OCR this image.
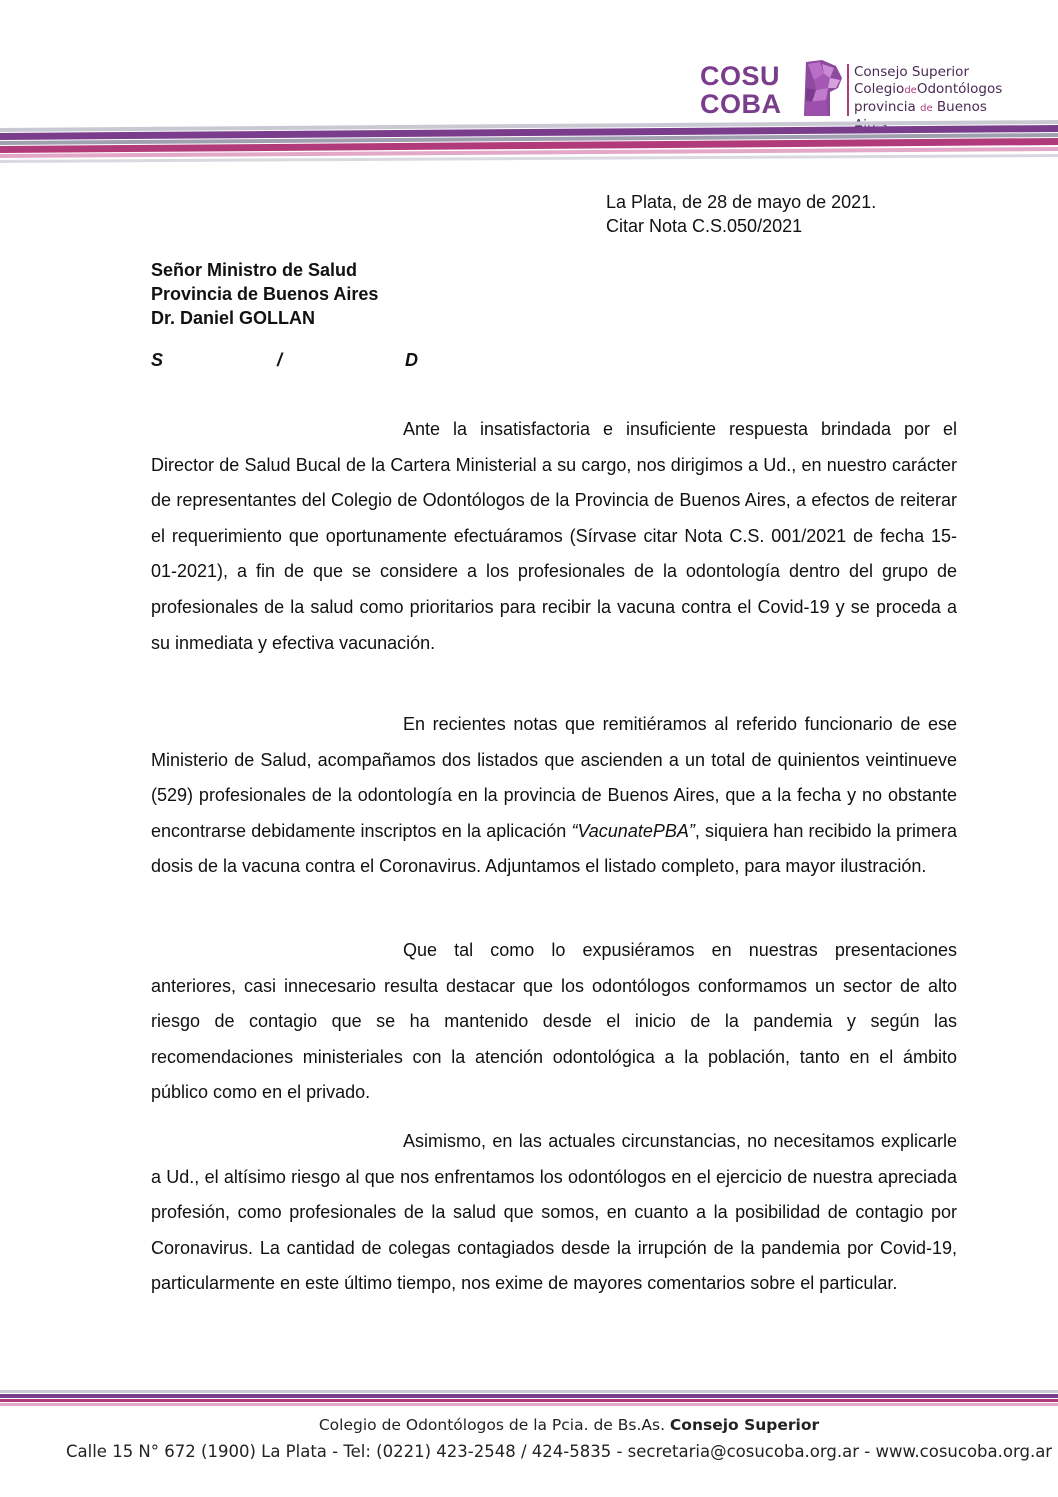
COSU
COBA
Consejo Superior
ColegiodeOdontólogos
provincia de Buenos
La Plata, de 28 de mayo de 2021.
Citar Nota C.S.050/2021
Señor Ministro de Salud
Provincia de Buenos Aires
Dr. Daniel GOLLAN
S	/	D

Ante la insatisfactoria e insuficiente respuesta brindada por el Director de Salud Bucal de la Cartera Ministerial a su cargo, nos dirigimos a Ud., en nuestro carácter de representantes del Colegio de Odontólogos de la Provincia de Buenos Aires, a efectos de reiterar el requerimiento que oportunamente efectuáramos (Sírvase citar Nota C.S. 001/2021 de fecha 15-01-2021), a fin de que se considere a los profesionales de la odontología dentro del grupo de profesionales de la salud como prioritarios para recibir la vacuna contra el Covid-19 y se proceda a su inmediata y efectiva vacunación.

En recientes notas que remitiéramos al referido funcionario de ese Ministerio de Salud, acompañamos dos listados que ascienden a un total de quinientos veintinueve (529) profesionales de la odontología en la provincia de Buenos Aires, que a la fecha y no obstante encontrarse debidamente inscriptos en la aplicación “VacunatePBA”, siquiera han recibido la primera dosis de la vacuna contra el Coronavirus. Adjuntamos el listado completo, para mayor ilustración.

Que tal como lo expusiéramos en nuestras presentaciones anteriores, casi innecesario resulta destacar que los odontólogos conformamos un sector de alto riesgo de contagio que se ha mantenido desde el inicio de la pandemia y según las recomendaciones ministeriales con la atención odontológica a la población, tanto en el ámbito público como en el privado.

Asimismo, en las actuales circunstancias, no necesitamos explicarle a Ud., el altísimo riesgo al que nos enfrentamos los odontólogos en el ejercicio de nuestra apreciada profesión, como profesionales de la salud que somos, en cuanto a la posibilidad de contagio por Coronavirus. La cantidad de colegas contagiados desde la irrupción de la pandemia por Covid-19, particularmente en este último tiempo, nos exime de mayores comentarios sobre el particular.

Colegio de Odontólogos de la Pcia. de Bs.As. Consejo Superior
Calle 15 N° 672 (1900) La Plata - Tel: (0221) 423-2548 / 424-5835 - secretaria@cosucoba.org.ar - www.cosucoba.org.ar
